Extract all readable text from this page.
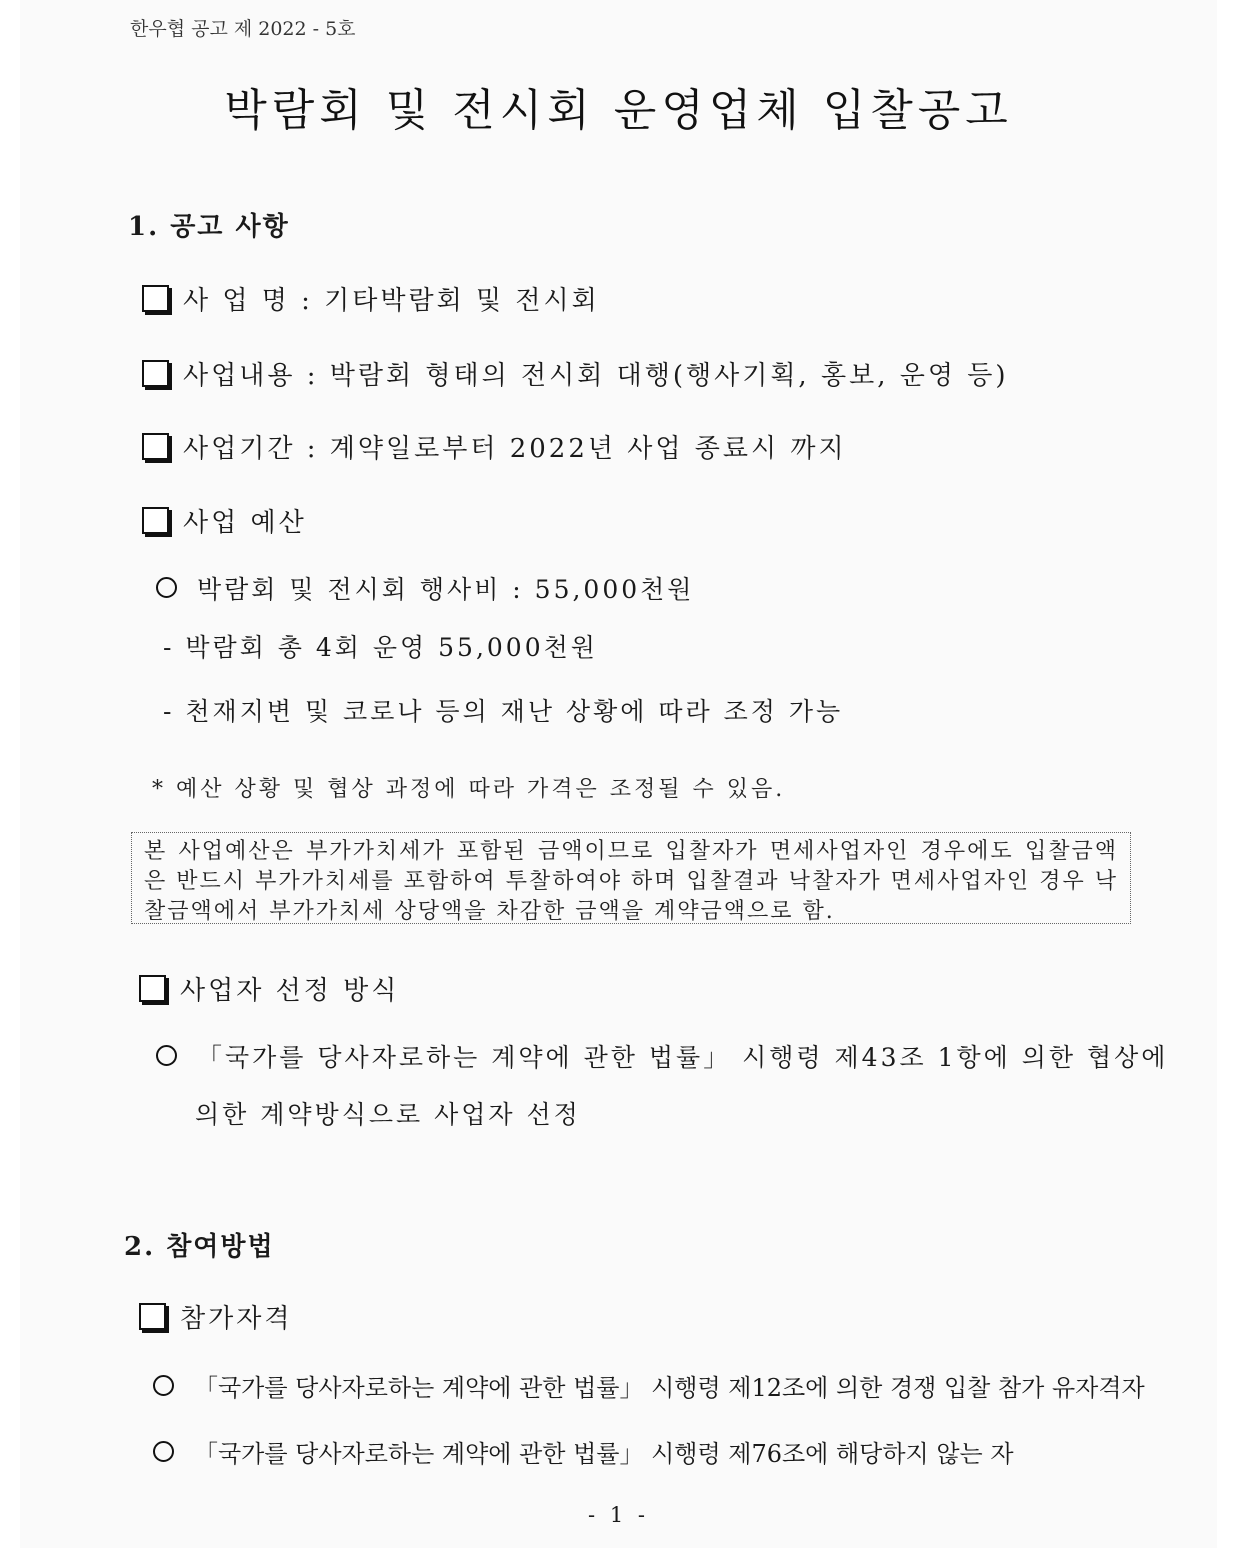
한우협 공고 제 2022 - 5호
박람회 및 전시회 운영업체 입찰공고
1. 공고 사항
사 업 명 : 기타박람회 및 전시회
사업내용 : 박람회 형태의 전시회 대행(행사기획, 홍보, 운영 등)
사업기간 : 계약일로부터 2022년 사업 종료시 까지
사업 예산
박람회 및 전시회 행사비 : 55,000천원
- 박람회 총 4회 운영 55,000천원
- 천재지변 및 코로나 등의 재난 상황에 따라 조정 가능
* 예산 상황 및 협상 과정에 따라 가격은 조정될 수 있음.
본 사업예산은 부가가치세가 포함된 금액이므로 입찰자가 면세사업자인 경우에도 입찰금액은 반드시 부가가치세를 포함하여 투찰하여야 하며 입찰결과 낙찰자가 면세사업자인 경우 낙찰금액에서 부가가치세 상당액을 차감한 금액을 계약금액으로 함.
사업자 선정 방식
「국가를 당사자로하는 계약에 관한 법률」 시행령 제43조 1항에 의한 협상에
의한 계약방식으로 사업자 선정
2. 참여방법
참가자격
「국가를 당사자로하는 계약에 관한 법률」 시행령 제12조에 의한 경쟁 입찰 참가 유자격자
「국가를 당사자로하는 계약에 관한 법률」 시행령 제76조에 해당하지 않는 자
- 1 -
